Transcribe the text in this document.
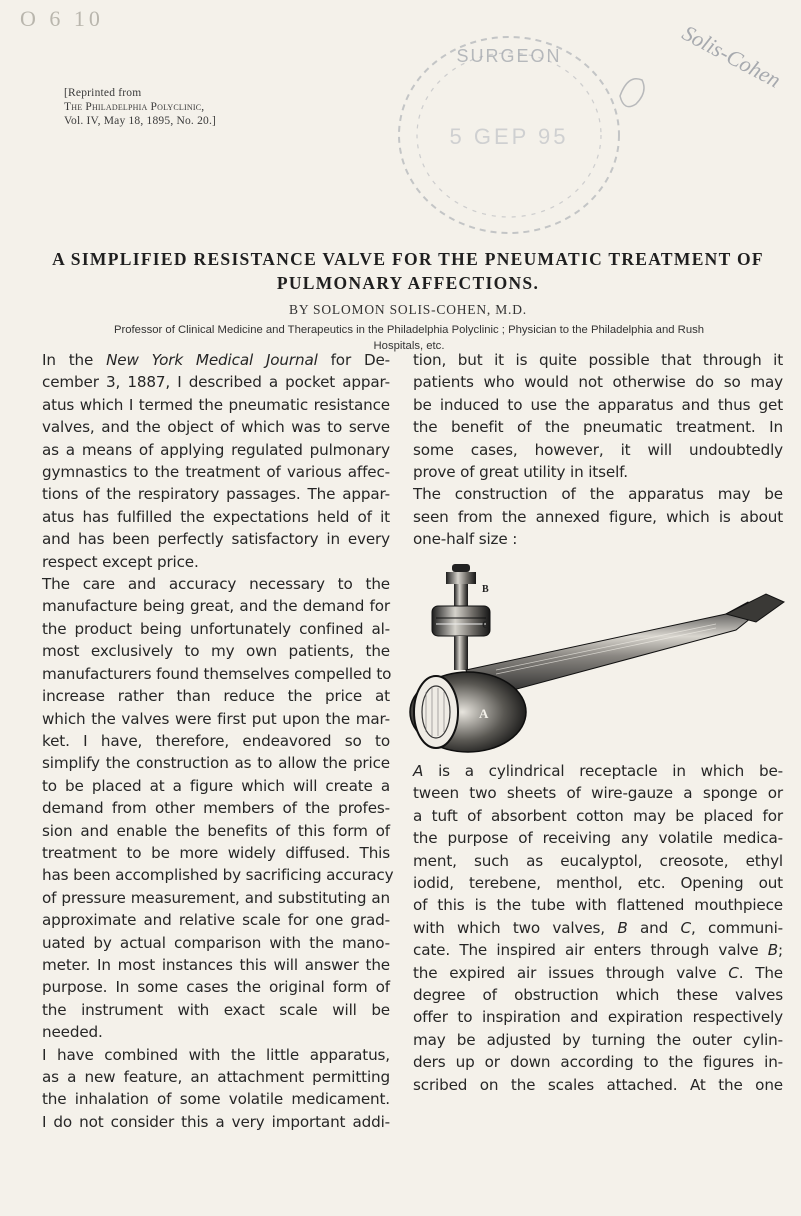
O 6 10
[Reprinted from
The Philadelphia Polyclinic,
Vol. IV, May 18, 1895, No. 20.]
SURGEON
5 GEP 95
Solis-Cohen
A SIMPLIFIED RESISTANCE VALVE FOR THE PNEUMATIC TREATMENT OF
PULMONARY AFFECTIONS.
BY SOLOMON SOLIS-COHEN, M.D.
Professor of Clinical Medicine and Therapeutics in the Philadelphia Polyclinic ; Physician to the Philadelphia and Rush
Hospitals, etc.
In the New York Medical Journal for De-
cember 3, 1887, I described a pocket appar-
atus which I termed the pneumatic resistance
valves, and the object of which was to serve
as a means of applying regulated pulmonary
gymnastics to the treatment of various affec-
tions of the respiratory passages. The appar-
atus has fulfilled the expectations held of it
and has been perfectly satisfactory in every
respect except price.
The care and accuracy necessary to the
manufacture being great, and the demand for
the product being unfortunately confined al-
most exclusively to my own patients, the
manufacturers found themselves compelled to
increase rather than reduce the price at
which the valves were first put upon the mar-
ket. I have, therefore, endeavored so to
simplify the construction as to allow the price
to be placed at a figure which will create a
demand from other members of the profes-
sion and enable the benefits of this form of
treatment to be more widely diffused. This
has been accomplished by sacrificing accuracy
of pressure measurement, and substituting an
approximate and relative scale for one grad-
uated by actual comparison with the mano-
meter. In most instances this will answer the
purpose. In some cases the original form of
the instrument with exact scale will be
needed.
I have combined with the little apparatus,
as a new feature, an attachment permitting
the inhalation of some volatile medicament.
I do not consider this a very important addi-
tion, but it is quite possible that through it
patients who would not otherwise do so may
be induced to use the apparatus and thus get
the benefit of the pneumatic treatment. In
some cases, however, it will undoubtedly
prove of great utility in itself.
The construction of the apparatus may be
seen from the annexed figure, which is about
one-half size :
A
B
C
A is a cylindrical receptacle in which be-
tween two sheets of wire-gauze a sponge or
a tuft of absorbent cotton may be placed for
the purpose of receiving any volatile medica-
ment, such as eucalyptol, creosote, ethyl
iodid, terebene, menthol, etc. Opening out
of this is the tube with flattened mouthpiece
with which two valves, B and C, communi-
cate. The inspired air enters through valve B;
the expired air issues through valve C. The
degree of obstruction which these valves
offer to inspiration and expiration respectively
may be adjusted by turning the outer cylin-
ders up or down according to the figures in-
scribed on the scales attached. At the one
